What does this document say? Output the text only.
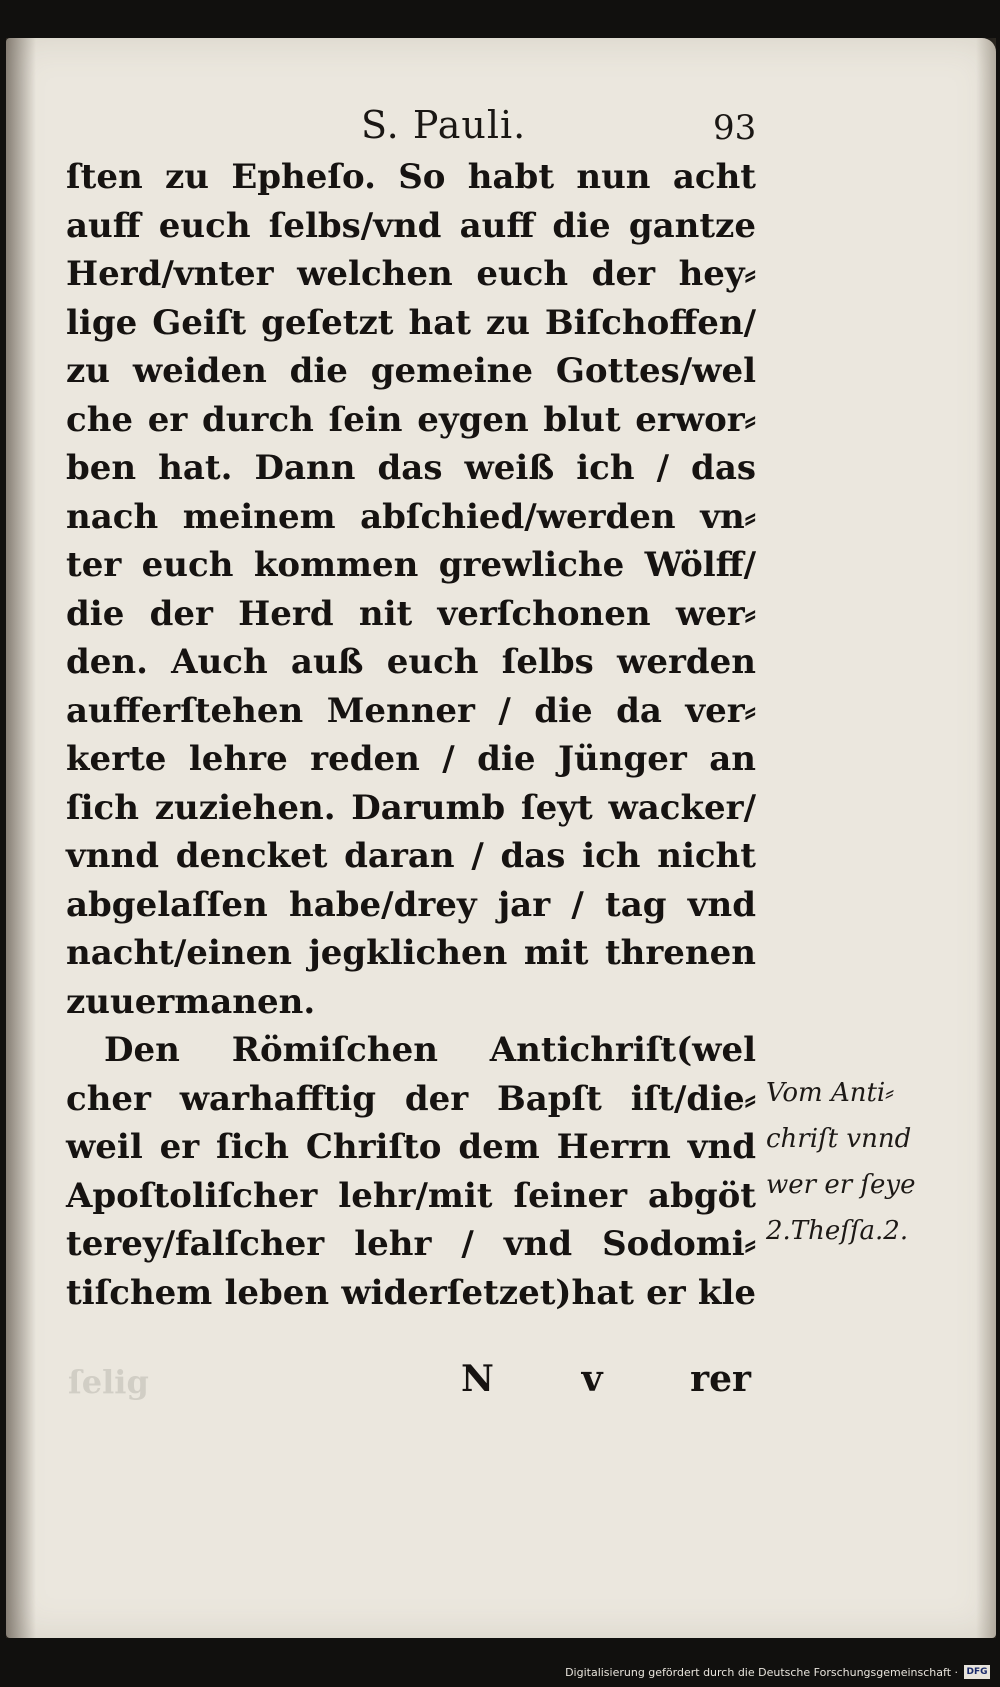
S. Pauli.	93
ſten zu Epheſo. So habt nun acht
auff euch ſelbs/vnd auff die gantze
Herd/vnter welchen euch der hey⸗
lige Geiſt geſetzt hat zu Biſchoffen/
zu weiden die gemeine Gottes/wel
che er durch ſein eygen blut erwor⸗
ben hat. Dann das weiß ich / das
nach meinem abſchied/werden vn⸗
ter euch kommen grewliche Wölff/
die der Herd nit verſchonen wer⸗
den. Auch auß euch ſelbs werden
aufferſtehen Menner / die da ver⸗
kerte lehre reden / die Jünger an
ſich zuziehen. Darumb ſeyt wacker/
vnnd dencket daran / das ich nicht
abgelaſſen habe/drey jar / tag vnd
nacht/einen jegklichen mit threnen
zuuermanen.
Den Römiſchen Antichriſt(wel
cher warhafftig der Bapſt iſt/die⸗
weil er ſich Chriſto dem Herrn vnd
Apoſtoliſcher lehr/mit ſeiner abgöt
terey/falſcher lehr / vnd Sodomi⸗
tiſchem leben widerſetzet)hat er kle
ſelig	N v rer
Vom Anti⸗
chriſt vnnd
wer er ſeye
2.Theſſa.2.
Digitalisierung gefördert durch die Deutsche Forschungsgemeinschaft · DFG
